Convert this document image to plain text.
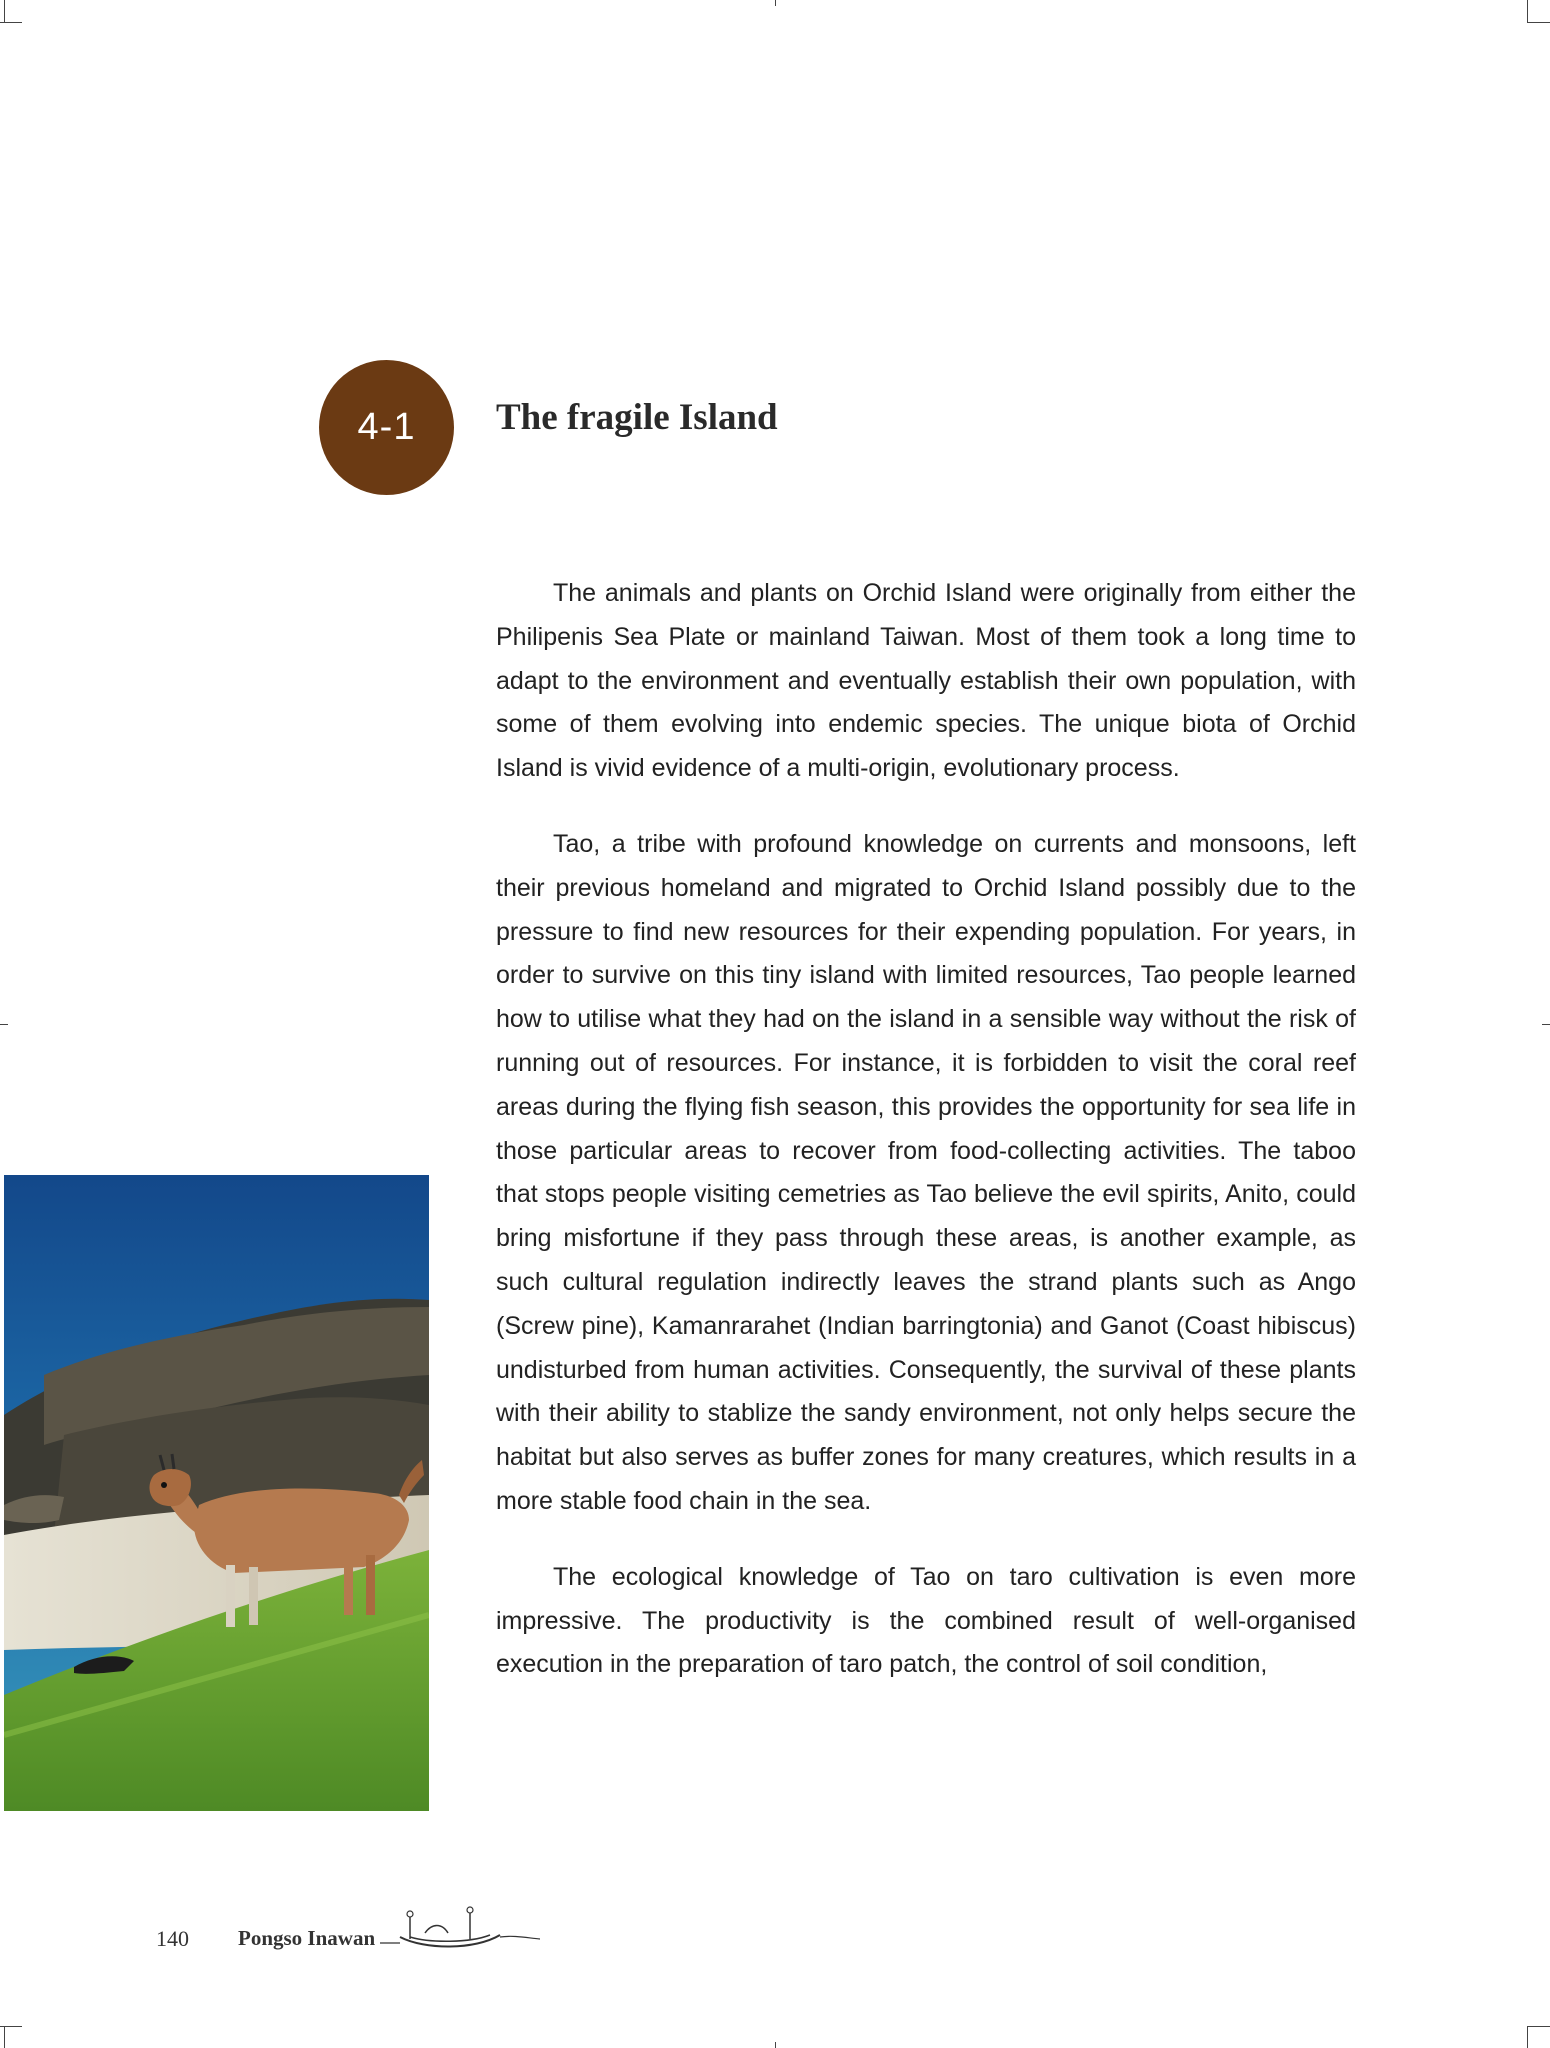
4-1 The fragile Island

The animals and plants on Orchid Island were originally from either the Philipenis Sea Plate or mainland Taiwan. Most of them took a long time to adapt to the environment and eventually establish their own population, with some of them evolving into endemic species. The unique biota of Orchid Island is vivid evidence of a multi-origin, evolutionary process.

Tao, a tribe with profound knowledge on currents and monsoons, left their previous homeland and migrated to Orchid Island possibly due to the pressure to find new resources for their expending population. For years, in order to survive on this tiny island with limited resources, Tao people learned how to utilise what they had on the island in a sensible way without the risk of running out of resources. For instance, it is forbidden to visit the coral reef areas during the flying fish season, this provides the opportunity for sea life in those particular areas to recover from food-collecting activities. The taboo that stops people visiting cemetries as Tao believe the evil spirits, Anito, could bring misfortune if they pass through these areas, is another example, as such cultural regulation indirectly leaves the strand plants such as Ango (Screw pine), Kamanrarahet (Indian barringtonia) and Ganot (Coast hibiscus) undisturbed from human activities. Consequently, the survival of these plants with their ability to stablize the sandy environment, not only helps secure the habitat but also serves as buffer zones for many creatures, which results in a more stable food chain in the sea.

The ecological knowledge of Tao on taro cultivation is even more impressive. The productivity is the combined result of well-organised execution in the preparation of taro patch, the control of soil condition,

140 Pongso Inawan
